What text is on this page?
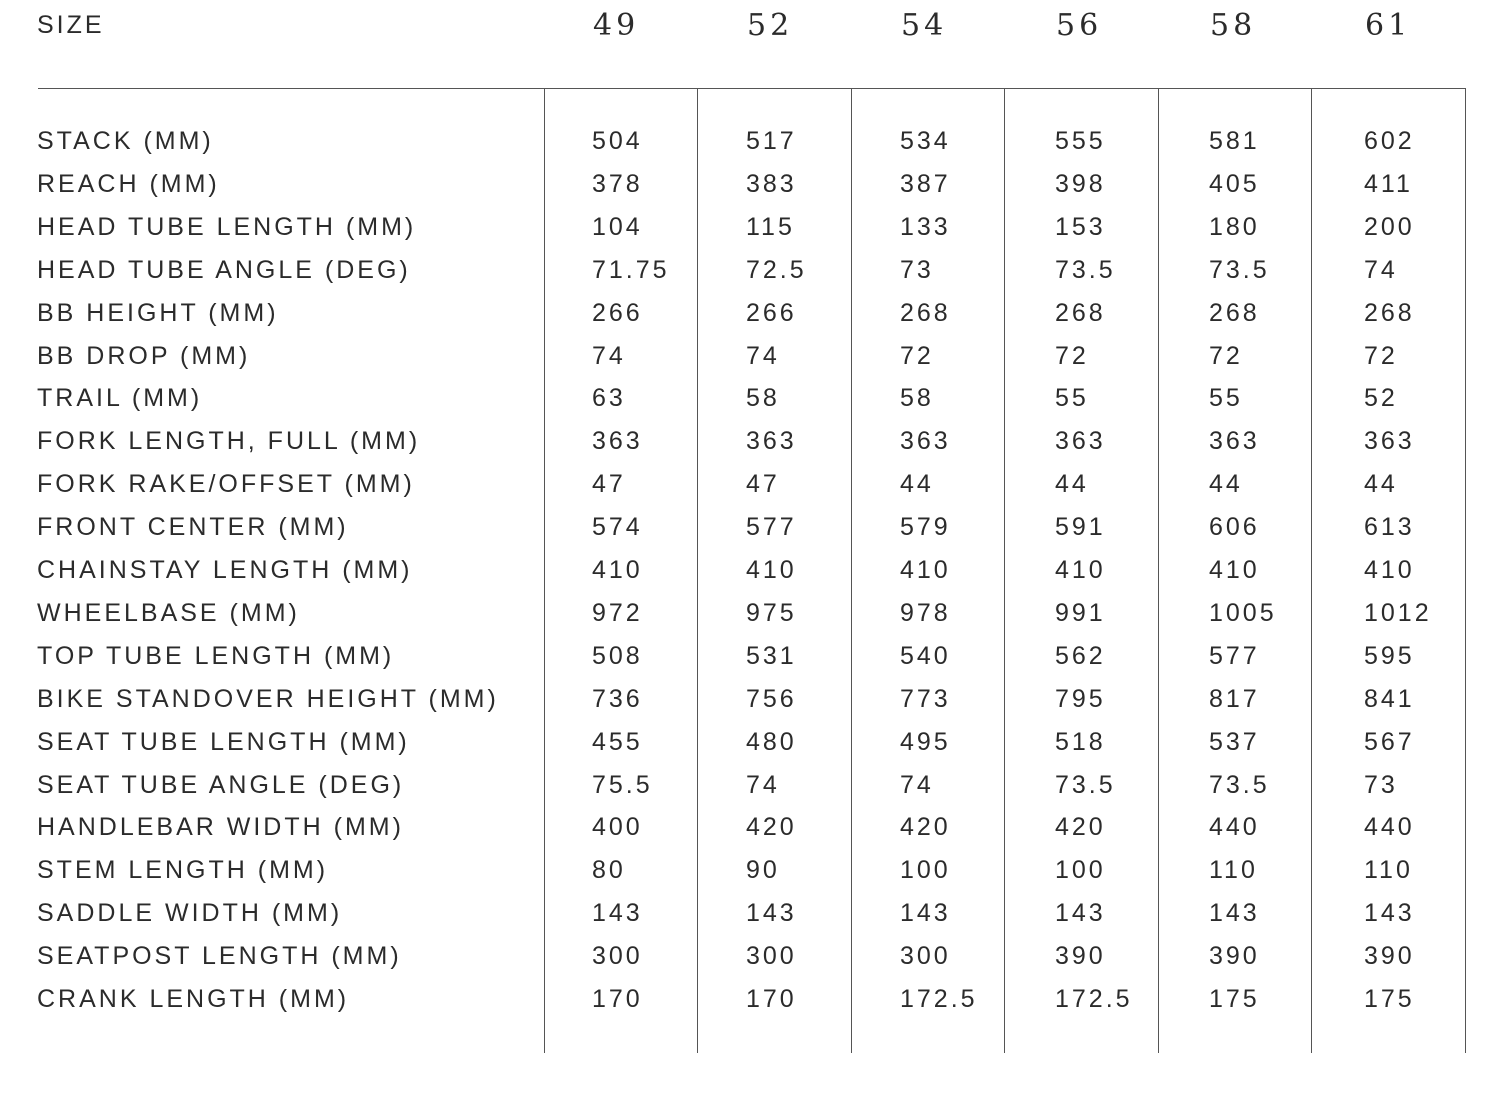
SIZE	49	52	54	56	58	61
STACK (MM)	504	517	534	555	581	602
REACH (MM)	378	383	387	398	405	411
HEAD TUBE LENGTH (MM)	104	115	133	153	180	200
HEAD TUBE ANGLE (DEG)	71.75	72.5	73	73.5	73.5	74
BB HEIGHT (MM)	266	266	268	268	268	268
BB DROP (MM)	74	74	72	72	72	72
TRAIL (MM)	63	58	58	55	55	52
FORK LENGTH, FULL (MM)	363	363	363	363	363	363
FORK RAKE/OFFSET (MM)	47	47	44	44	44	44
FRONT CENTER (MM)	574	577	579	591	606	613
CHAINSTAY LENGTH (MM)	410	410	410	410	410	410
WHEELBASE (MM)	972	975	978	991	1005	1012
TOP TUBE LENGTH (MM)	508	531	540	562	577	595
BIKE STANDOVER HEIGHT (MM)	736	756	773	795	817	841
SEAT TUBE LENGTH (MM)	455	480	495	518	537	567
SEAT TUBE ANGLE (DEG)	75.5	74	74	73.5	73.5	73
HANDLEBAR WIDTH (MM)	400	420	420	420	440	440
STEM LENGTH (MM)	80	90	100	100	110	110
SADDLE WIDTH (MM)	143	143	143	143	143	143
SEATPOST LENGTH (MM)	300	300	300	390	390	390
CRANK LENGTH (MM)	170	170	172.5	172.5	175	175
